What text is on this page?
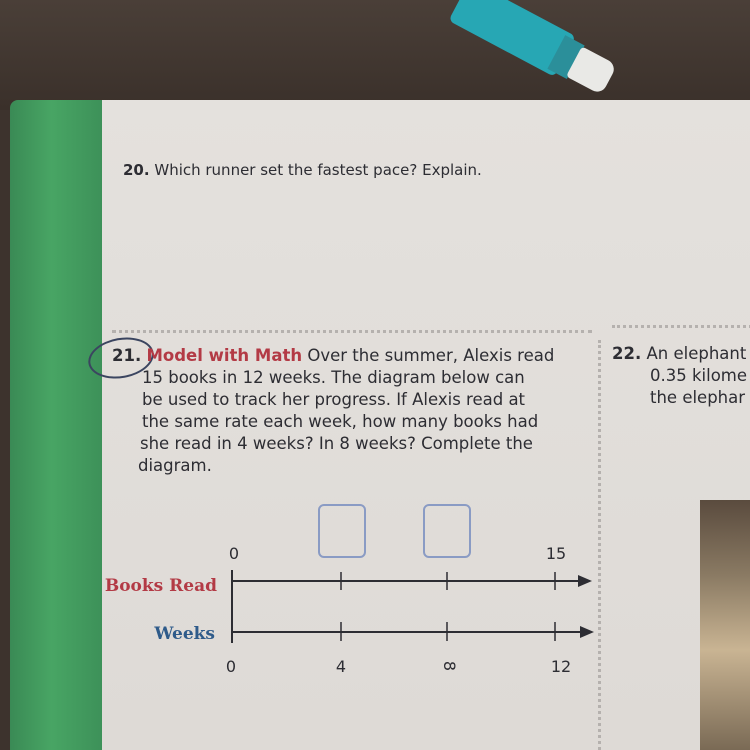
20. Which runner set the fastest pace? Explain.
21. Model with Math Over the summer, Alexis read
15 books in 12 weeks. The diagram below can
be used to track her progress. If Alexis read at
the same rate each week, how many books had
she read in 4 weeks? In 8 weeks? Complete the
diagram.
22. An elephant
0.35 kilome
the elephar
Books Read
Weeks
0	15
0	4	8	12
